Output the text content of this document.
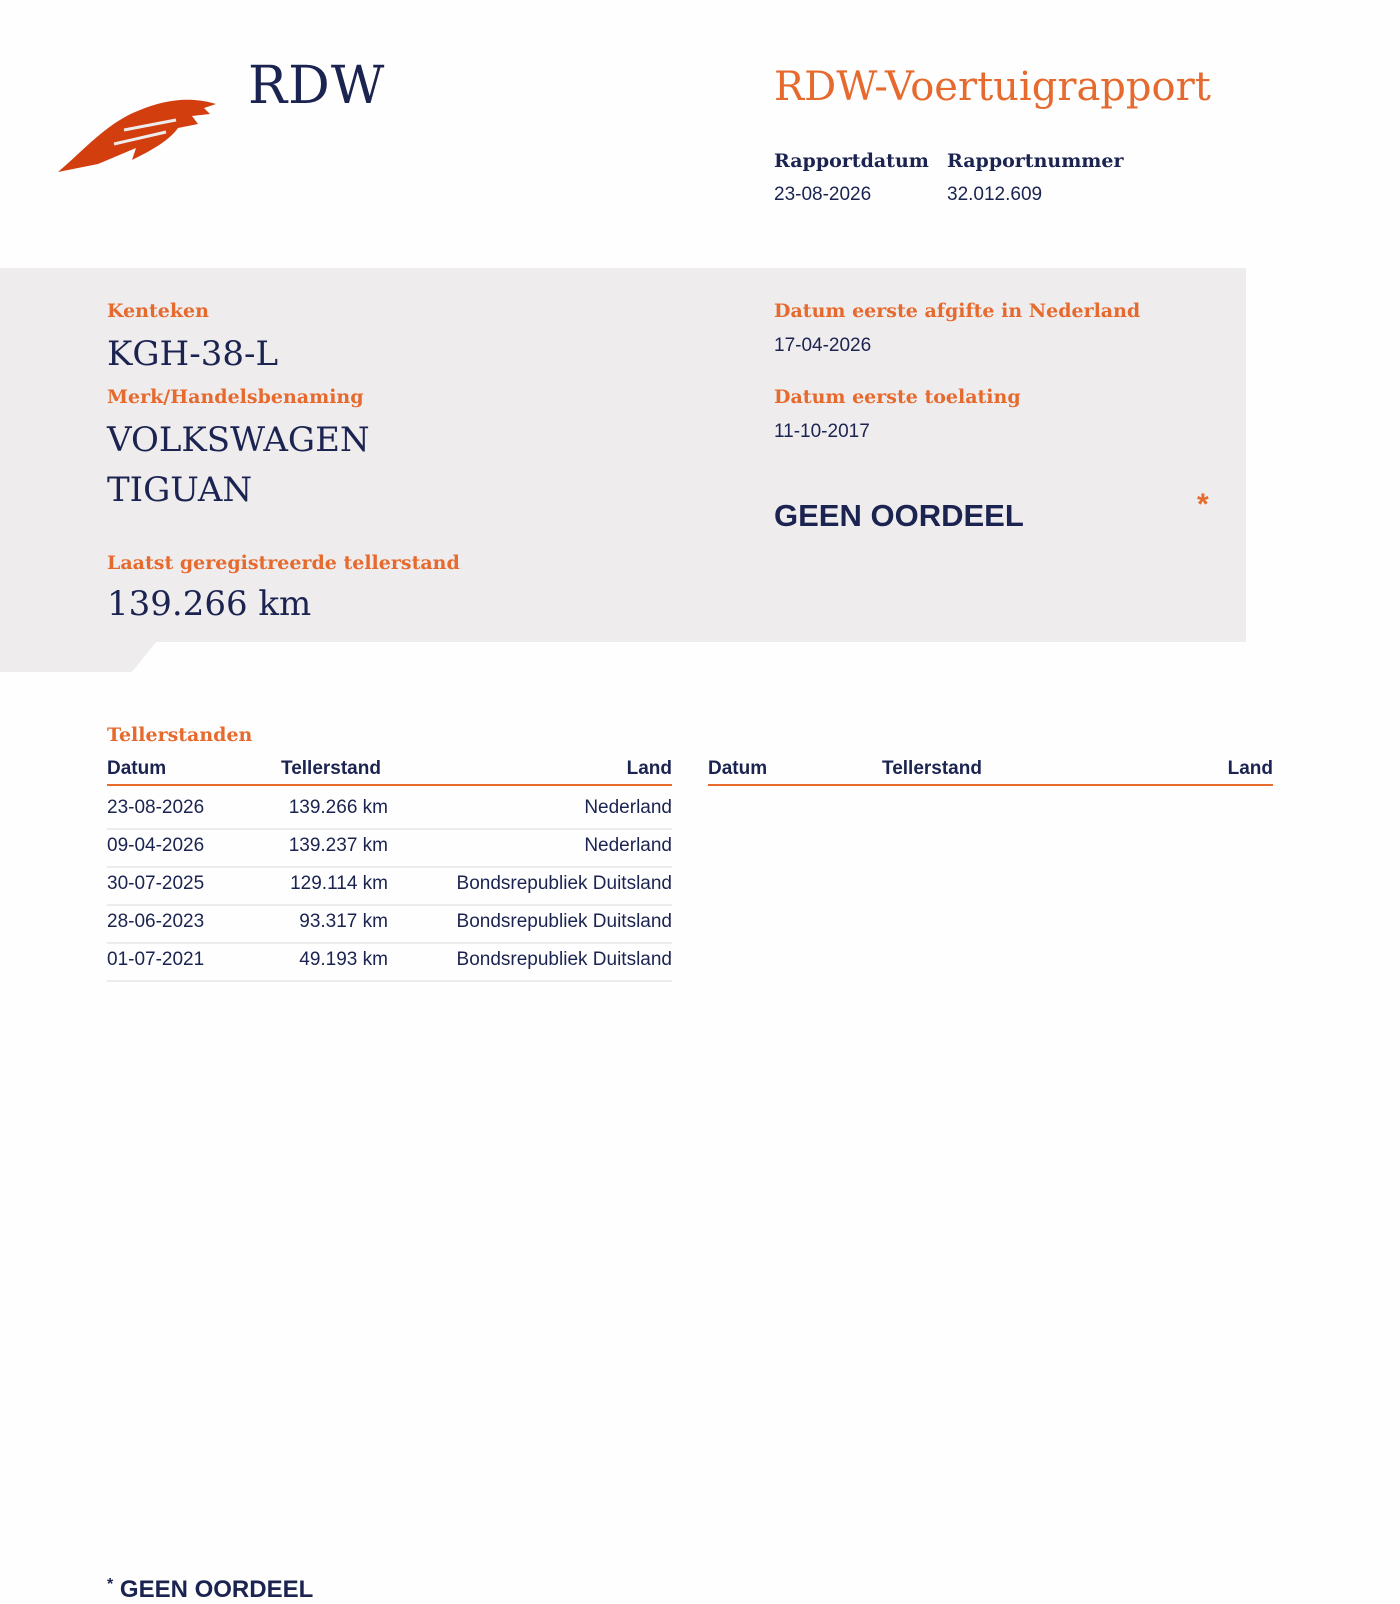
RDW	RDW-Voertuigrapport
Rapportdatum
23-08-2026
Rapportnummer
32.012.609
Kenteken
KGH-38-L
Merk/Handelsbenaming
VOLKSWAGEN
TIGUAN
Laatst geregistreerde tellerstand
139.266 km
Datum eerste afgifte in Nederland
17-04-2026
Datum eerste toelating
11-10-2017
GEEN OORDEEL	*
Tellerstanden
Datum	Tellerstand	Land
23-08-2026	139.266 km	Nederland
09-04-2026	139.237 km	Nederland
30-07-2025	129.114 km	Bondsrepubliek Duitsland
28-06-2023	93.317 km	Bondsrepubliek Duitsland
01-07-2021	49.193 km	Bondsrepubliek Duitsland
Datum	Tellerstand	Land
* GEEN OORDEEL
